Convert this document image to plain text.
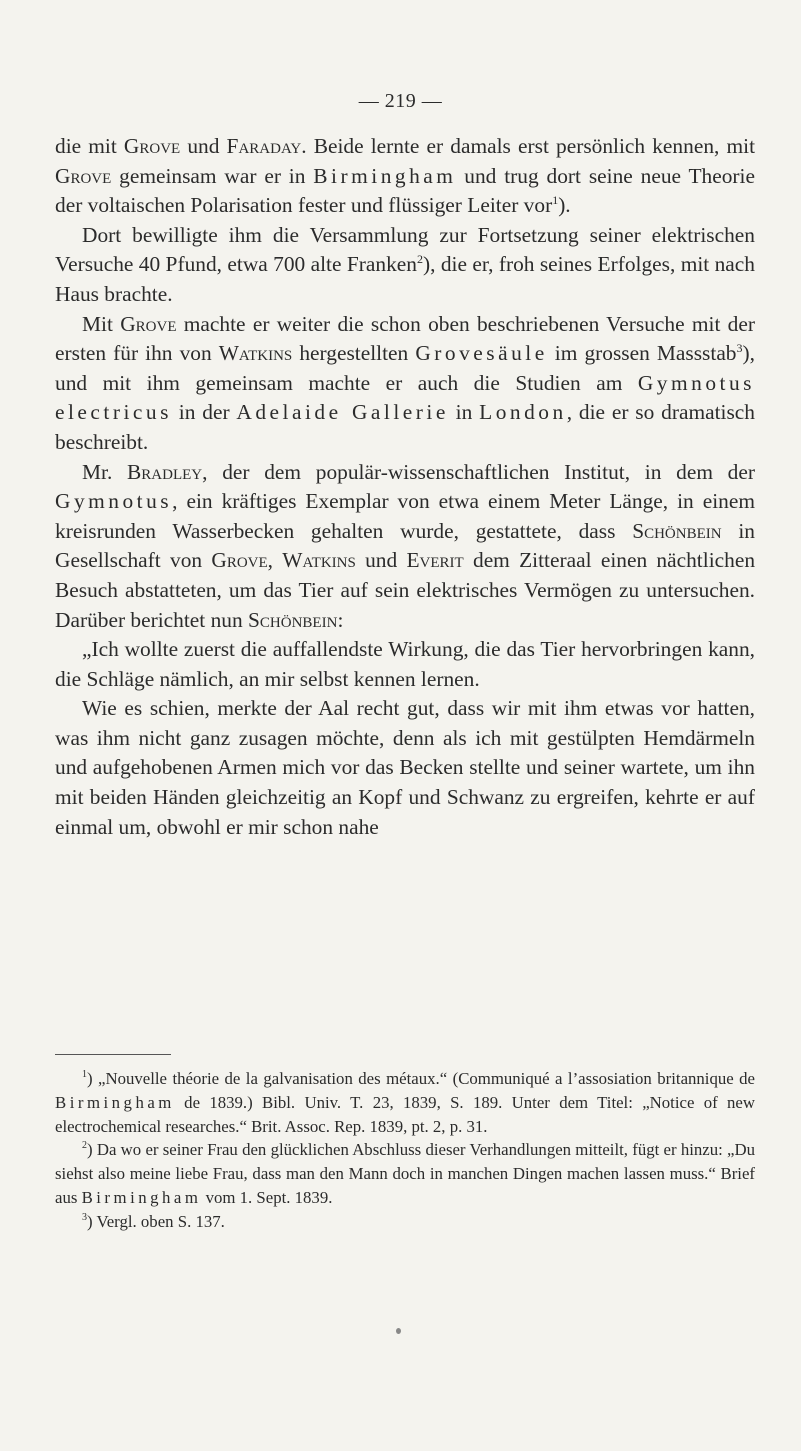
— 219 —

die mit Grove und Faraday. Beide lernte er damals erst persönlich kennen, mit Grove gemeinsam war er in Birmingham und trug dort seine neue Theorie der voltaischen Polarisation fester und flüssiger Leiter vor$^1$).

Dort bewilligte ihm die Versammlung zur Fortsetzung seiner elektrischen Versuche 40 Pfund, etwa 700 alte Franken$^2$), die er, froh seines Erfolges, mit nach Haus brachte.

Mit Grove machte er weiter die schon oben beschriebenen Versuche mit der ersten für ihn von Watkins hergestellten Grovesäule im grossen Massstab$^3$), und mit ihm gemeinsam machte er auch die Studien am Gymnotus electricus in der Adelaide Gallerie in London, die er so dramatisch beschreibt.

Mr. Bradley, der dem populär-wissenschaftlichen Institut, in dem der Gymnotus, ein kräftiges Exemplar von etwa einem Meter Länge, in einem kreisrunden Wasserbecken gehalten wurde, gestattete, dass Schönbein in Gesellschaft von Grove, Watkins und Everit dem Zitteraal einen nächtlichen Besuch abstatteten, um das Tier auf sein elektrisches Vermögen zu untersuchen. Darüber berichtet nun Schönbein:

„Ich wollte zuerst die auffallendste Wirkung, die das Tier hervorbringen kann, die Schläge nämlich, an mir selbst kennen lernen.

Wie es schien, merkte der Aal recht gut, dass wir mit ihm etwas vor hatten, was ihm nicht ganz zusagen möchte, denn als ich mit gestülpten Hemdärmeln und aufgehobenen Armen mich vor das Becken stellte und seiner wartete, um ihn mit beiden Händen gleichzeitig an Kopf und Schwanz zu ergreifen, kehrte er auf einmal um, obwohl er mir schon nahe

$^1$) „Nouvelle théorie de la galvanisation des métaux.“ (Communiqué a l’assosiation britannique de Birmingham de 1839.) Bibl. Univ. T. 23, 1839, S. 189. Unter dem Titel: „Notice of new electrochemical researches.“ Brit. Assoc. Rep. 1839, pt. 2, p. 31.

$^2$) Da wo er seiner Frau den glücklichen Abschluss dieser Verhandlungen mitteilt, fügt er hinzu: „Du siehst also meine liebe Frau, dass man den Mann doch in manchen Dingen machen lassen muss.“ Brief aus Birmingham vom 1. Sept. 1839.

$^3$) Vergl. oben S. 137.
